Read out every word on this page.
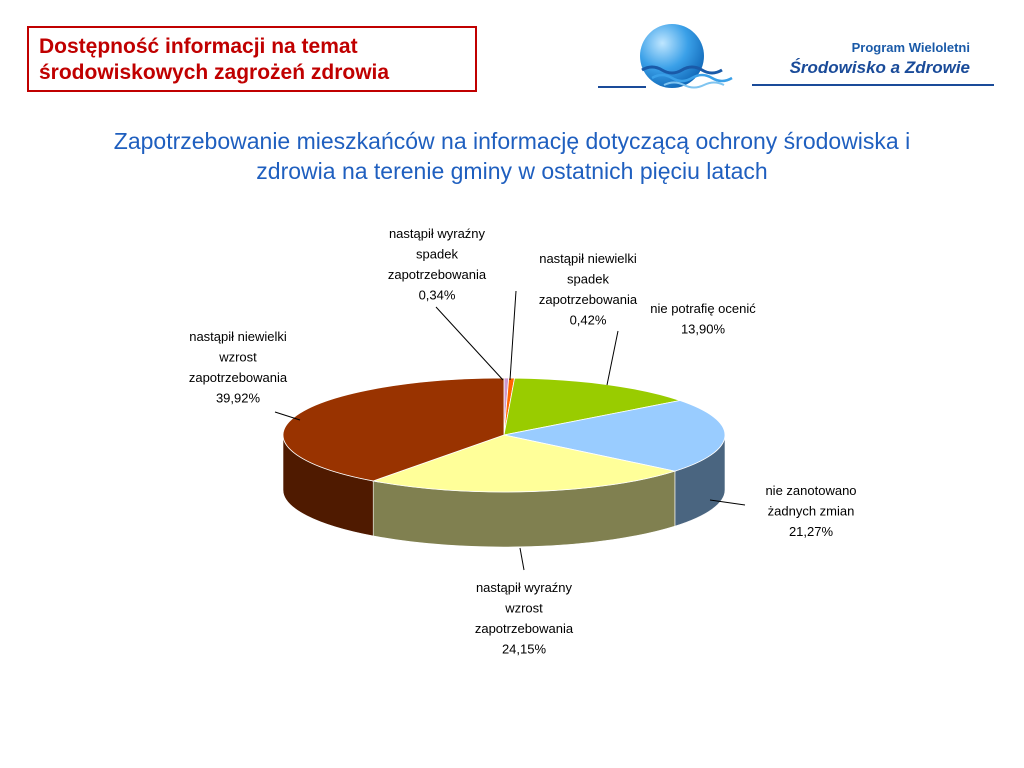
Dostępność informacji na temat
środowiskowych zagrożeń zdrowia
Program Wieloletni
Środowisko a Zdrowie
Zapotrzebowanie mieszkańców na informację dotyczącą ochrony środowiska i
zdrowia na terenie gminy w ostatnich pięciu latach
nastąpił wyraźny
spadek
zapotrzebowania
0,34%
nastąpił niewielki
spadek
zapotrzebowania
0,42%
nie potrafię ocenić
13,90%
nie zanotowano
żadnych zmian
21,27%
nastąpił wyraźny
wzrost
zapotrzebowania
24,15%
nastąpił niewielki
wzrost
zapotrzebowania
39,92%
